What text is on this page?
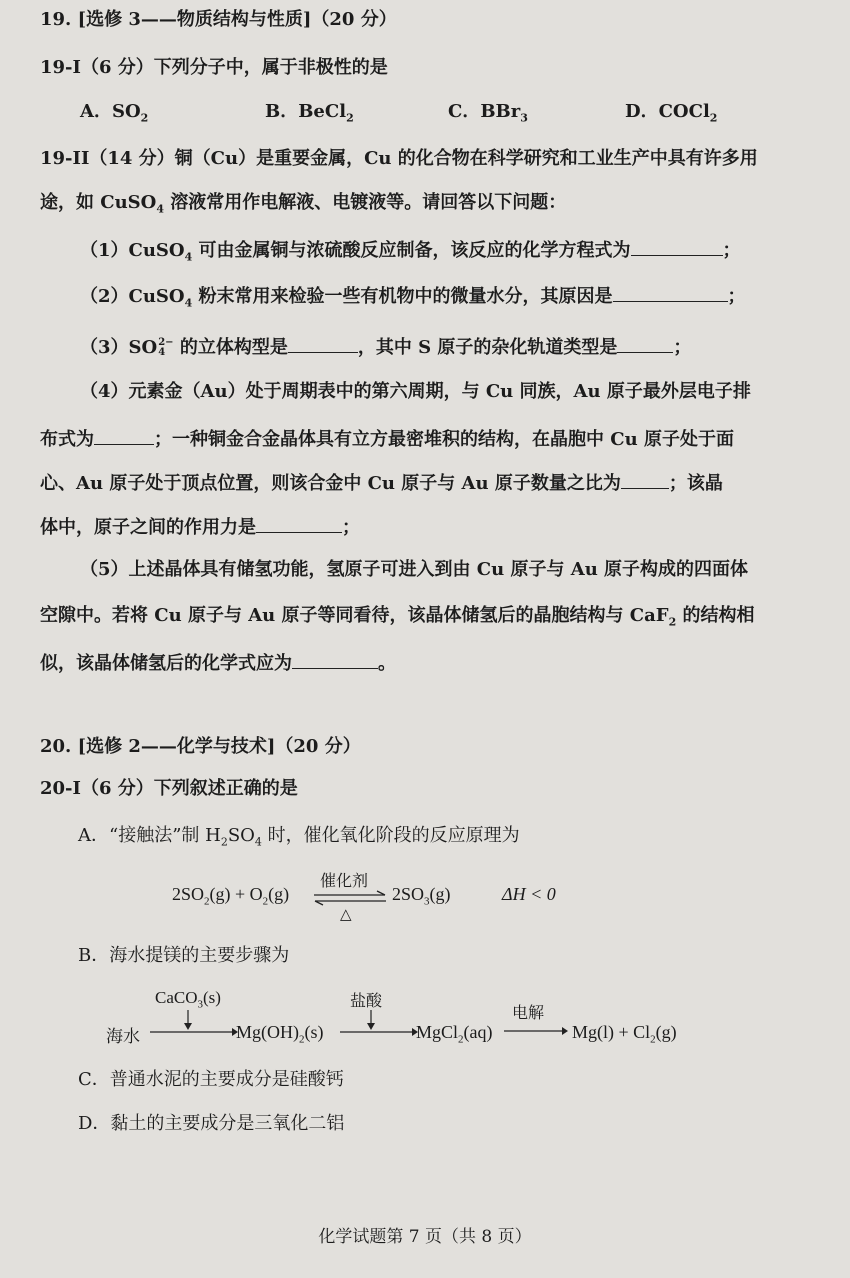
19. [选修 3——物质结构与性质]（20 分）
19-I（6 分）下列分子中，属于非极性的是
A．$SO_2$	B．BeCl$_2$	C．BBr$_3$	D．COCl$_2$
19-II（14 分）铜（Cu）是重要金属，Cu 的化合物在科学研究和工业生产中具有许多用
途，如 CuSO$_4$ 溶液常用作电解液、电镀液等。请回答以下问题：
（1）CuSO$_4$ 可由金属铜与浓硫酸反应制备，该反应的化学方程式为	；
（2）CuSO$_4$ 粉末常用来检验一些有机物中的微量水分，其原因是	；
（3）SO 2−
4 的立体构型是	，其中 S 原子的杂化轨道类型是	；
（4）元素金（Au）处于周期表中的第六周期，与 Cu 同族，Au 原子最外层电子排
布式为	；一种铜金合金晶体具有立方最密堆积的结构，在晶胞中 Cu 原子处于面
心、Au 原子处于顶点位置，则该合金中 Cu 原子与 Au 原子数量之比为	；该晶
体中，原子之间的作用力是	；
（5）上述晶体具有储氢功能，氢原子可进入到由 Cu 原子与 Au 原子构成的四面体
空隙中。若将 Cu 原子与 Au 原子等同看待，该晶体储氢后的晶胞结构与 CaF$_2$ 的结构相
似，该晶体储氢后的化学式应为	。
20. [选修 2——化学与技术]（20 分）
20-I（6 分）下列叙述正确的是
A．“接触法”制 $H_2SO_4$ 时，催化氧化阶段的反应原理为
$2SO_2(g) + O_2(g)$
催化剂
△
$2SO_3(g)$	ΔH < 0
B．海水提镁的主要步骤为
CaCO$_3$(s)	盐酸
电解
海水	$Mg(OH)_2(s)$	MgCl$_2$(aq)	$Mg(l) + Cl_2(g)$
C．普通水泥的主要成分是硅酸钙
D．黏土的主要成分是三氧化二铝
化学试题第 7 页（共 8 页）
